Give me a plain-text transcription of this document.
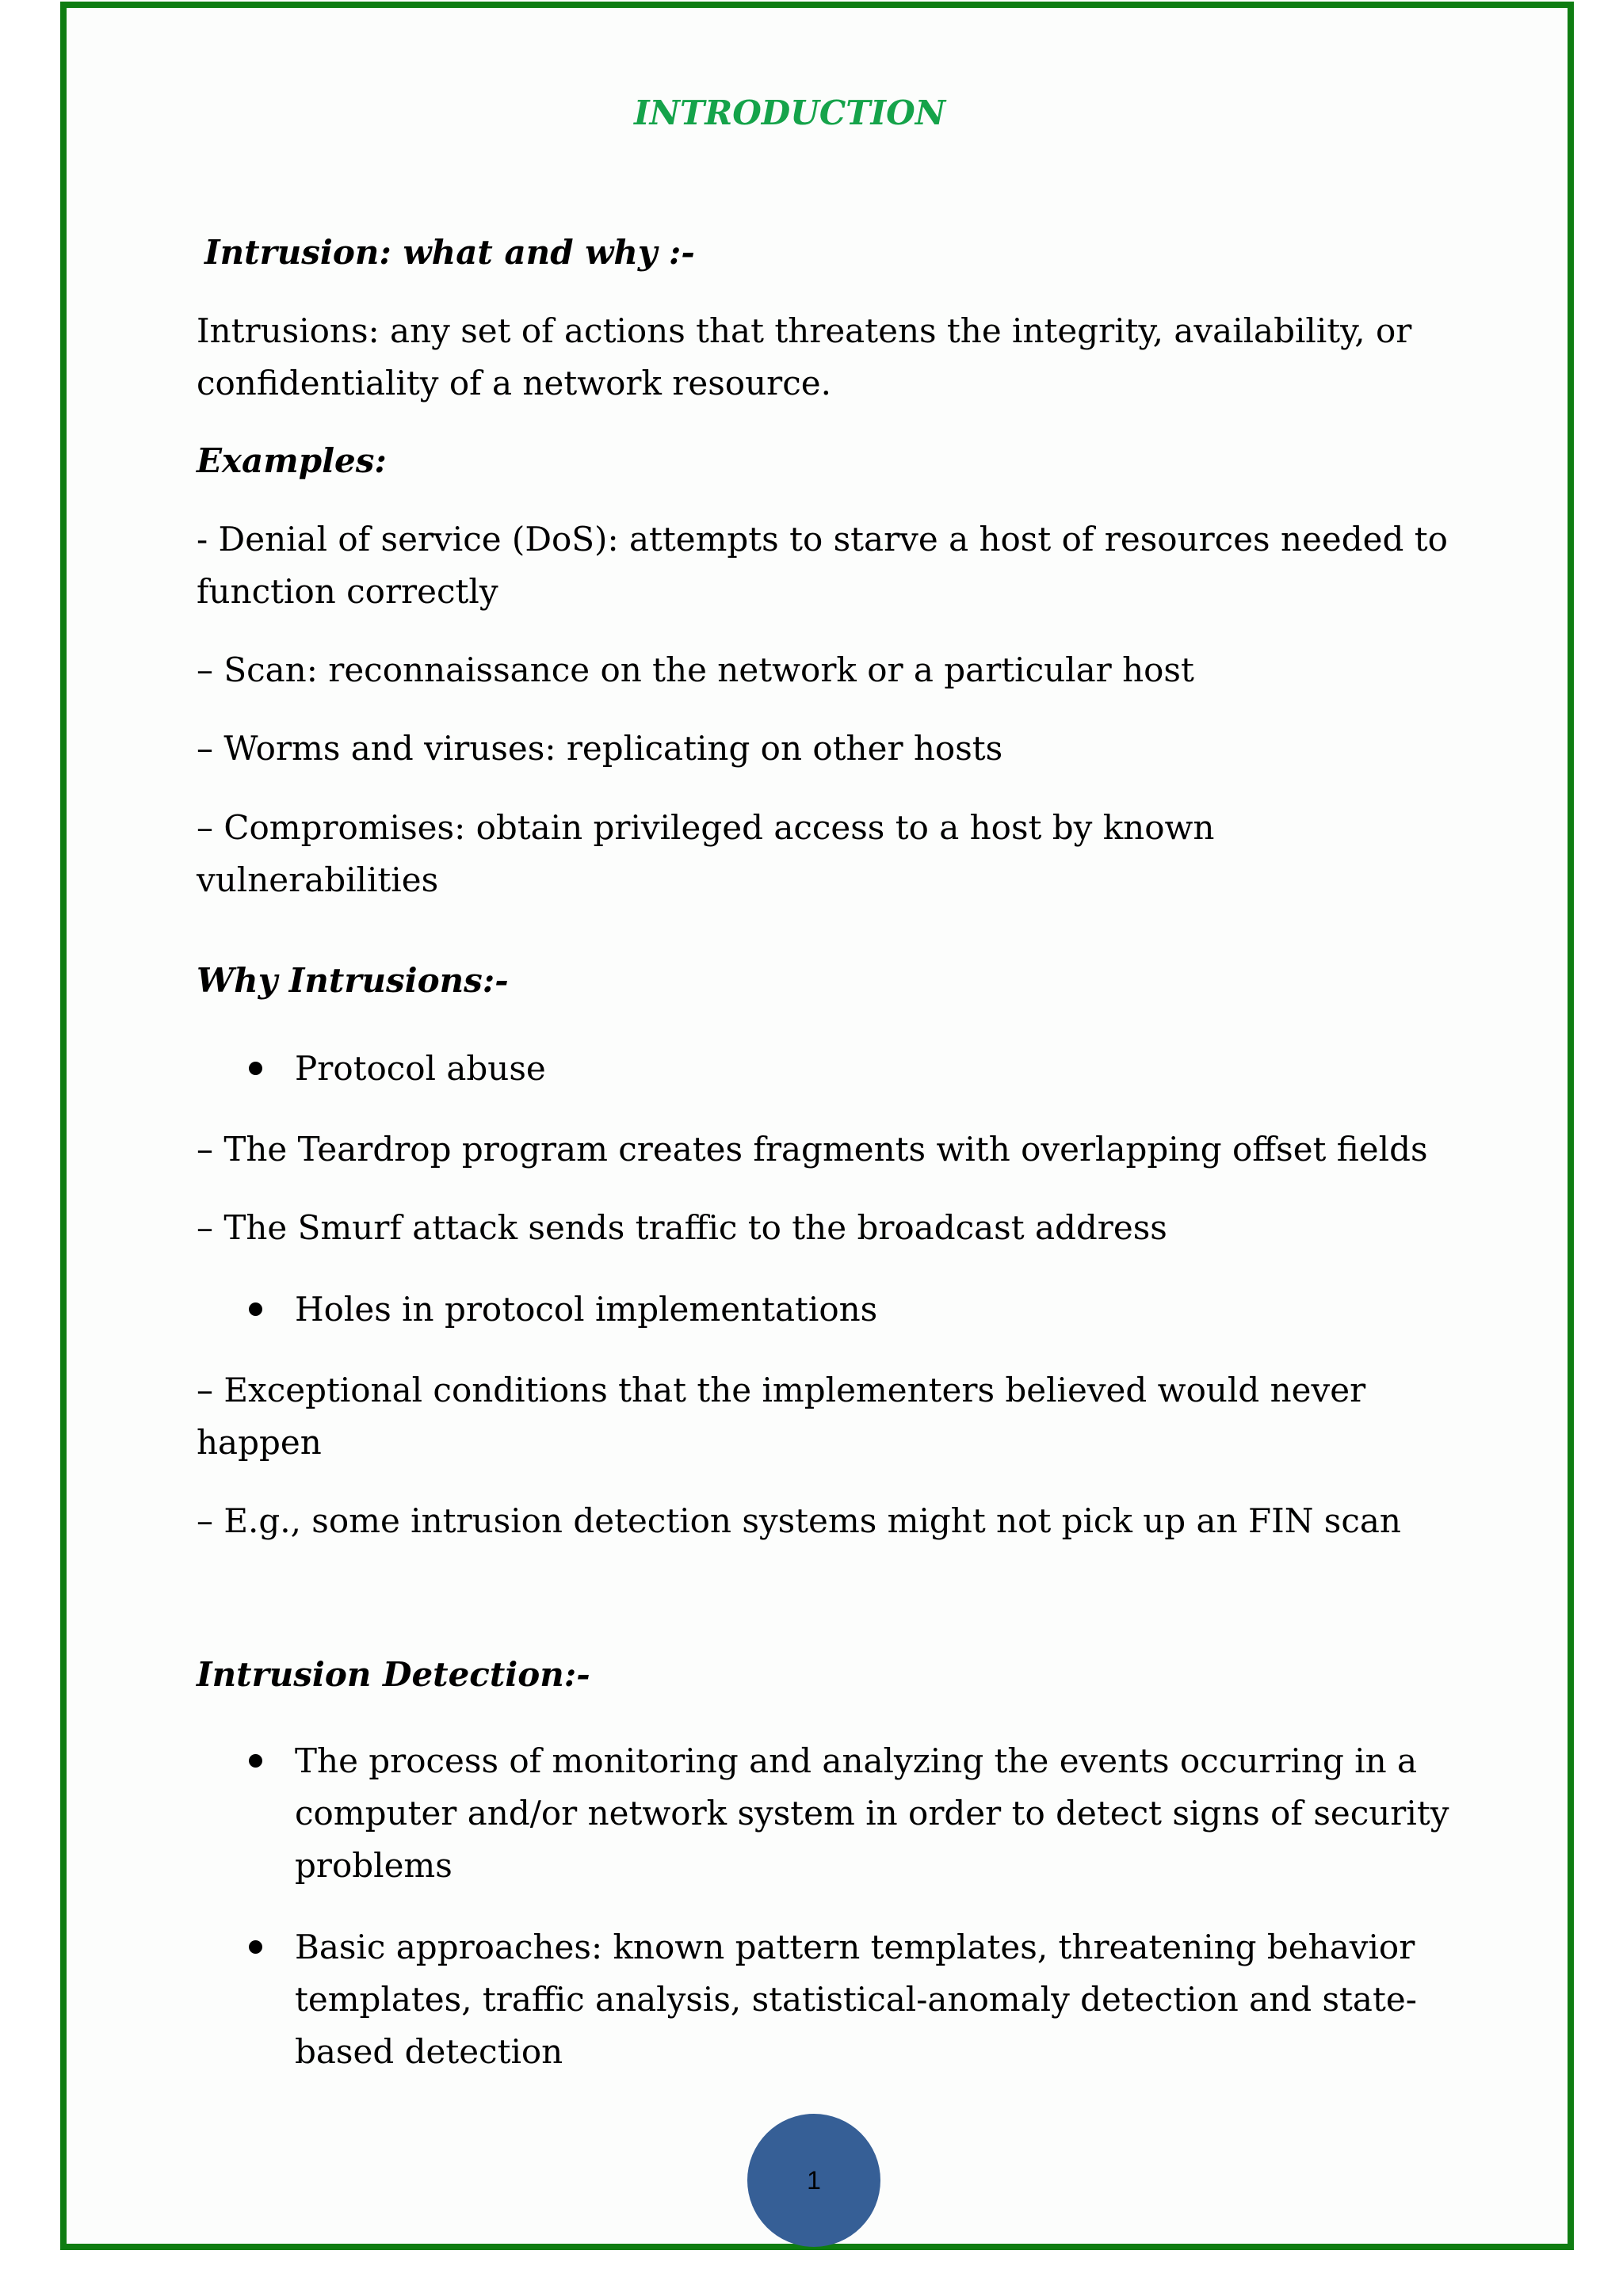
INTRODUCTION
Intrusion: what and why :-
Intrusions: any set of actions that threatens the integrity, availability, or confidentiality of a network resource.
Examples:
- Denial of service (DoS): attempts to starve a host of resources needed to function correctly
– Scan: reconnaissance on the network or a particular host
– Worms and viruses: replicating on other hosts
– Compromises: obtain privileged access to a host by known vulnerabilities
Why Intrusions:-
Protocol abuse
– The Teardrop program creates fragments with overlapping offset fields
– The Smurf attack sends traffic to the broadcast address
Holes in protocol implementations
– Exceptional conditions that the implementers believed would never happen
– E.g., some intrusion detection systems might not pick up an FIN scan
Intrusion Detection:-
The process of monitoring and analyzing the events occurring in a computer and/or network system in order to detect signs of security problems
Basic approaches: known pattern templates, threatening behavior templates, traffic analysis, statistical-anomaly detection and state-based detection
1
